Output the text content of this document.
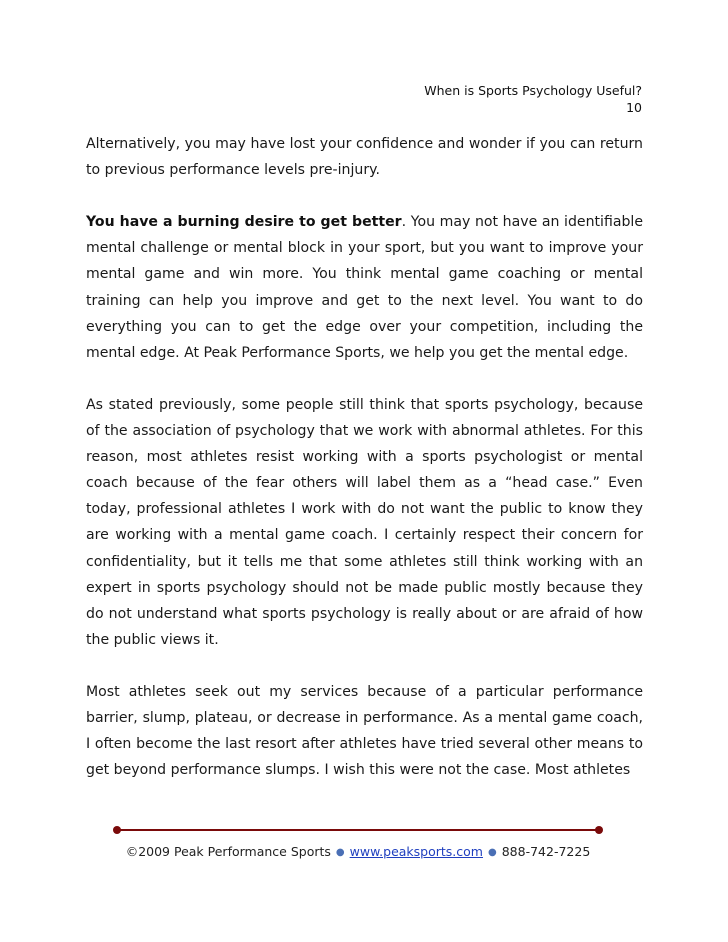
When is Sports Psychology Useful?
10

Alternatively, you may have lost your confidence and wonder if you can return to previous performance levels pre-injury.

You have a burning desire to get better. You may not have an identifiable mental challenge or mental block in your sport, but you want to improve your mental game and win more. You think mental game coaching or mental training can help you improve and get to the next level. You want to do everything you can to get the edge over your competition, including the mental edge. At Peak Performance Sports, we help you get the mental edge.

As stated previously, some people still think that sports psychology, because of the association of psychology that we work with abnormal athletes. For this reason, most athletes resist working with a sports psychologist or mental coach because of the fear others will label them as a “head case.” Even today, professional athletes I work with do not want the public to know they are working with a mental game coach. I certainly respect their concern for confidentiality, but it tells me that some athletes still think working with an expert in sports psychology should not be made public mostly because they do not understand what sports psychology is really about or are afraid of how the public views it.

Most athletes seek out my services because of a particular performance barrier, slump, plateau, or decrease in performance. As a mental game coach, I often become the last resort after athletes have tried several other means to get beyond performance slumps. I wish this were not the case. Most athletes

©2009 Peak Performance Sports ● www.peaksports.com ● 888-742-7225
